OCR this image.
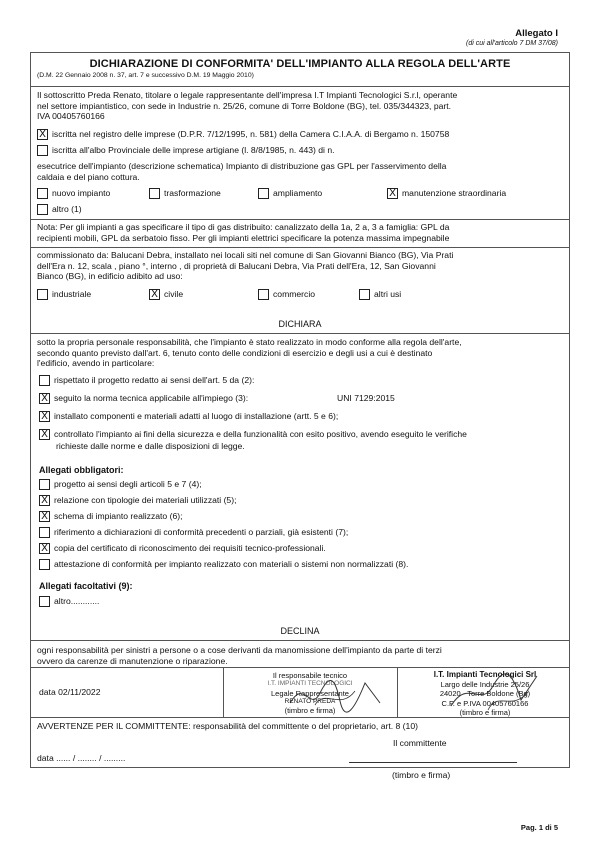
Allegato I
(di cui all'articolo 7 DM 37/08)
DICHIARAZIONE DI CONFORMITA' DELL'IMPIANTO ALLA REGOLA DELL'ARTE
(D.M. 22 Gennaio 2008 n. 37, art. 7 e successivo D.M. 19 Maggio 2010)
Il sottoscritto Preda Renato, titolare o legale rappresentante dell'impresa I.T Impianti Tecnologici S.r.l, operante
nel settore impiantistico, con sede in Industrie n. 25/26, comune di Torre Boldone (BG), tel. 035/344323, part.
IVA 00405760166
X iscritta nel registro delle imprese (D.P.R. 7/12/1995, n. 581) della Camera C.I.A.A. di Bergamo n. 150758
iscritta all'albo Provinciale delle imprese artigiane (l. 8/8/1985, n. 443) di n.
esecutrice dell'impianto (descrizione schematica) Impianto di distribuzione gas GPL per l'asservimento della
caldaia e del piano cottura.
nuovo impianto	trasformazione	ampliamento	X manutenzione straordinaria
altro (1)
Nota: Per gli impianti a gas specificare il tipo di gas distribuito: canalizzato della 1a, 2 a, 3 a famiglia: GPL da
recipienti mobili, GPL da serbatoio fisso. Per gli impianti elettrici specificare la potenza massima impegnabile
commissionato da: Balucani Debra, installato nei locali siti nel comune di San Giovanni Bianco (BG), Via Prati
dell'Era n. 12, scala , piano °, interno , di proprietà di Balucani Debra, Via Prati dell'Era, 12, San Giovanni
Bianco (BG), in edificio adibito ad uso:
industriale	X civile	commercio	altri usi
DICHIARA
sotto la propria personale responsabilità, che l'impianto è stato realizzato in modo conforme alla regola dell'arte,
secondo quanto previsto dall'art. 6, tenuto conto delle condizioni di esercizio e degli usi a cui è destinato
l'edificio, avendo in particolare:
rispettato il progetto redatto ai sensi dell'art. 5 da (2):
X seguito la norma tecnica applicabile all'impiego (3):	UNI 7129:2015
X installato componenti e materiali adatti al luogo di installazione (artt. 5 e 6);
X controllato l'impianto ai fini della sicurezza e della funzionalità con esito positivo, avendo eseguito le verifiche
richieste dalle norme e dalle disposizioni di legge.
Allegati obbligatori:
progetto ai sensi degli articoli 5 e 7 (4);
X relazione con tipologie dei materiali utilizzati (5);
X schema di impianto realizzato (6);
riferimento a dichiarazioni di conformità precedenti o parziali, già esistenti (7);
X copia del certificato di riconoscimento dei requisiti tecnico-professionali.
attestazione di conformità per impianto realizzato con materiali o sistemi non normalizzati (8).
Allegati facoltativi (9):
altro............
DECLINA
ogni responsabilità per sinistri a persone o a cose derivanti da manomissione dell'impianto da parte di terzi
ovvero da carenze di manutenzione o riparazione.
data 02/11/2022
Il responsabile tecnico
I.T. IMPIANTI TECNOLOGICI
Legale Rappresentante
RENATO PREDA
(timbro e firma)
I.T. Impianti Tecnologici Srl
Largo delle Industrie 25/26
24020 - Torre Boldone (Bg)
C.F. e P.IVA 00405760166
(timbro e firma)
AVVERTENZE PER IL COMMITTENTE: responsabilità del committente o del proprietario, art. 8 (10)
Il committente
data ...... / ........ / .........
(timbro e firma)
Pag. 1 di 5
